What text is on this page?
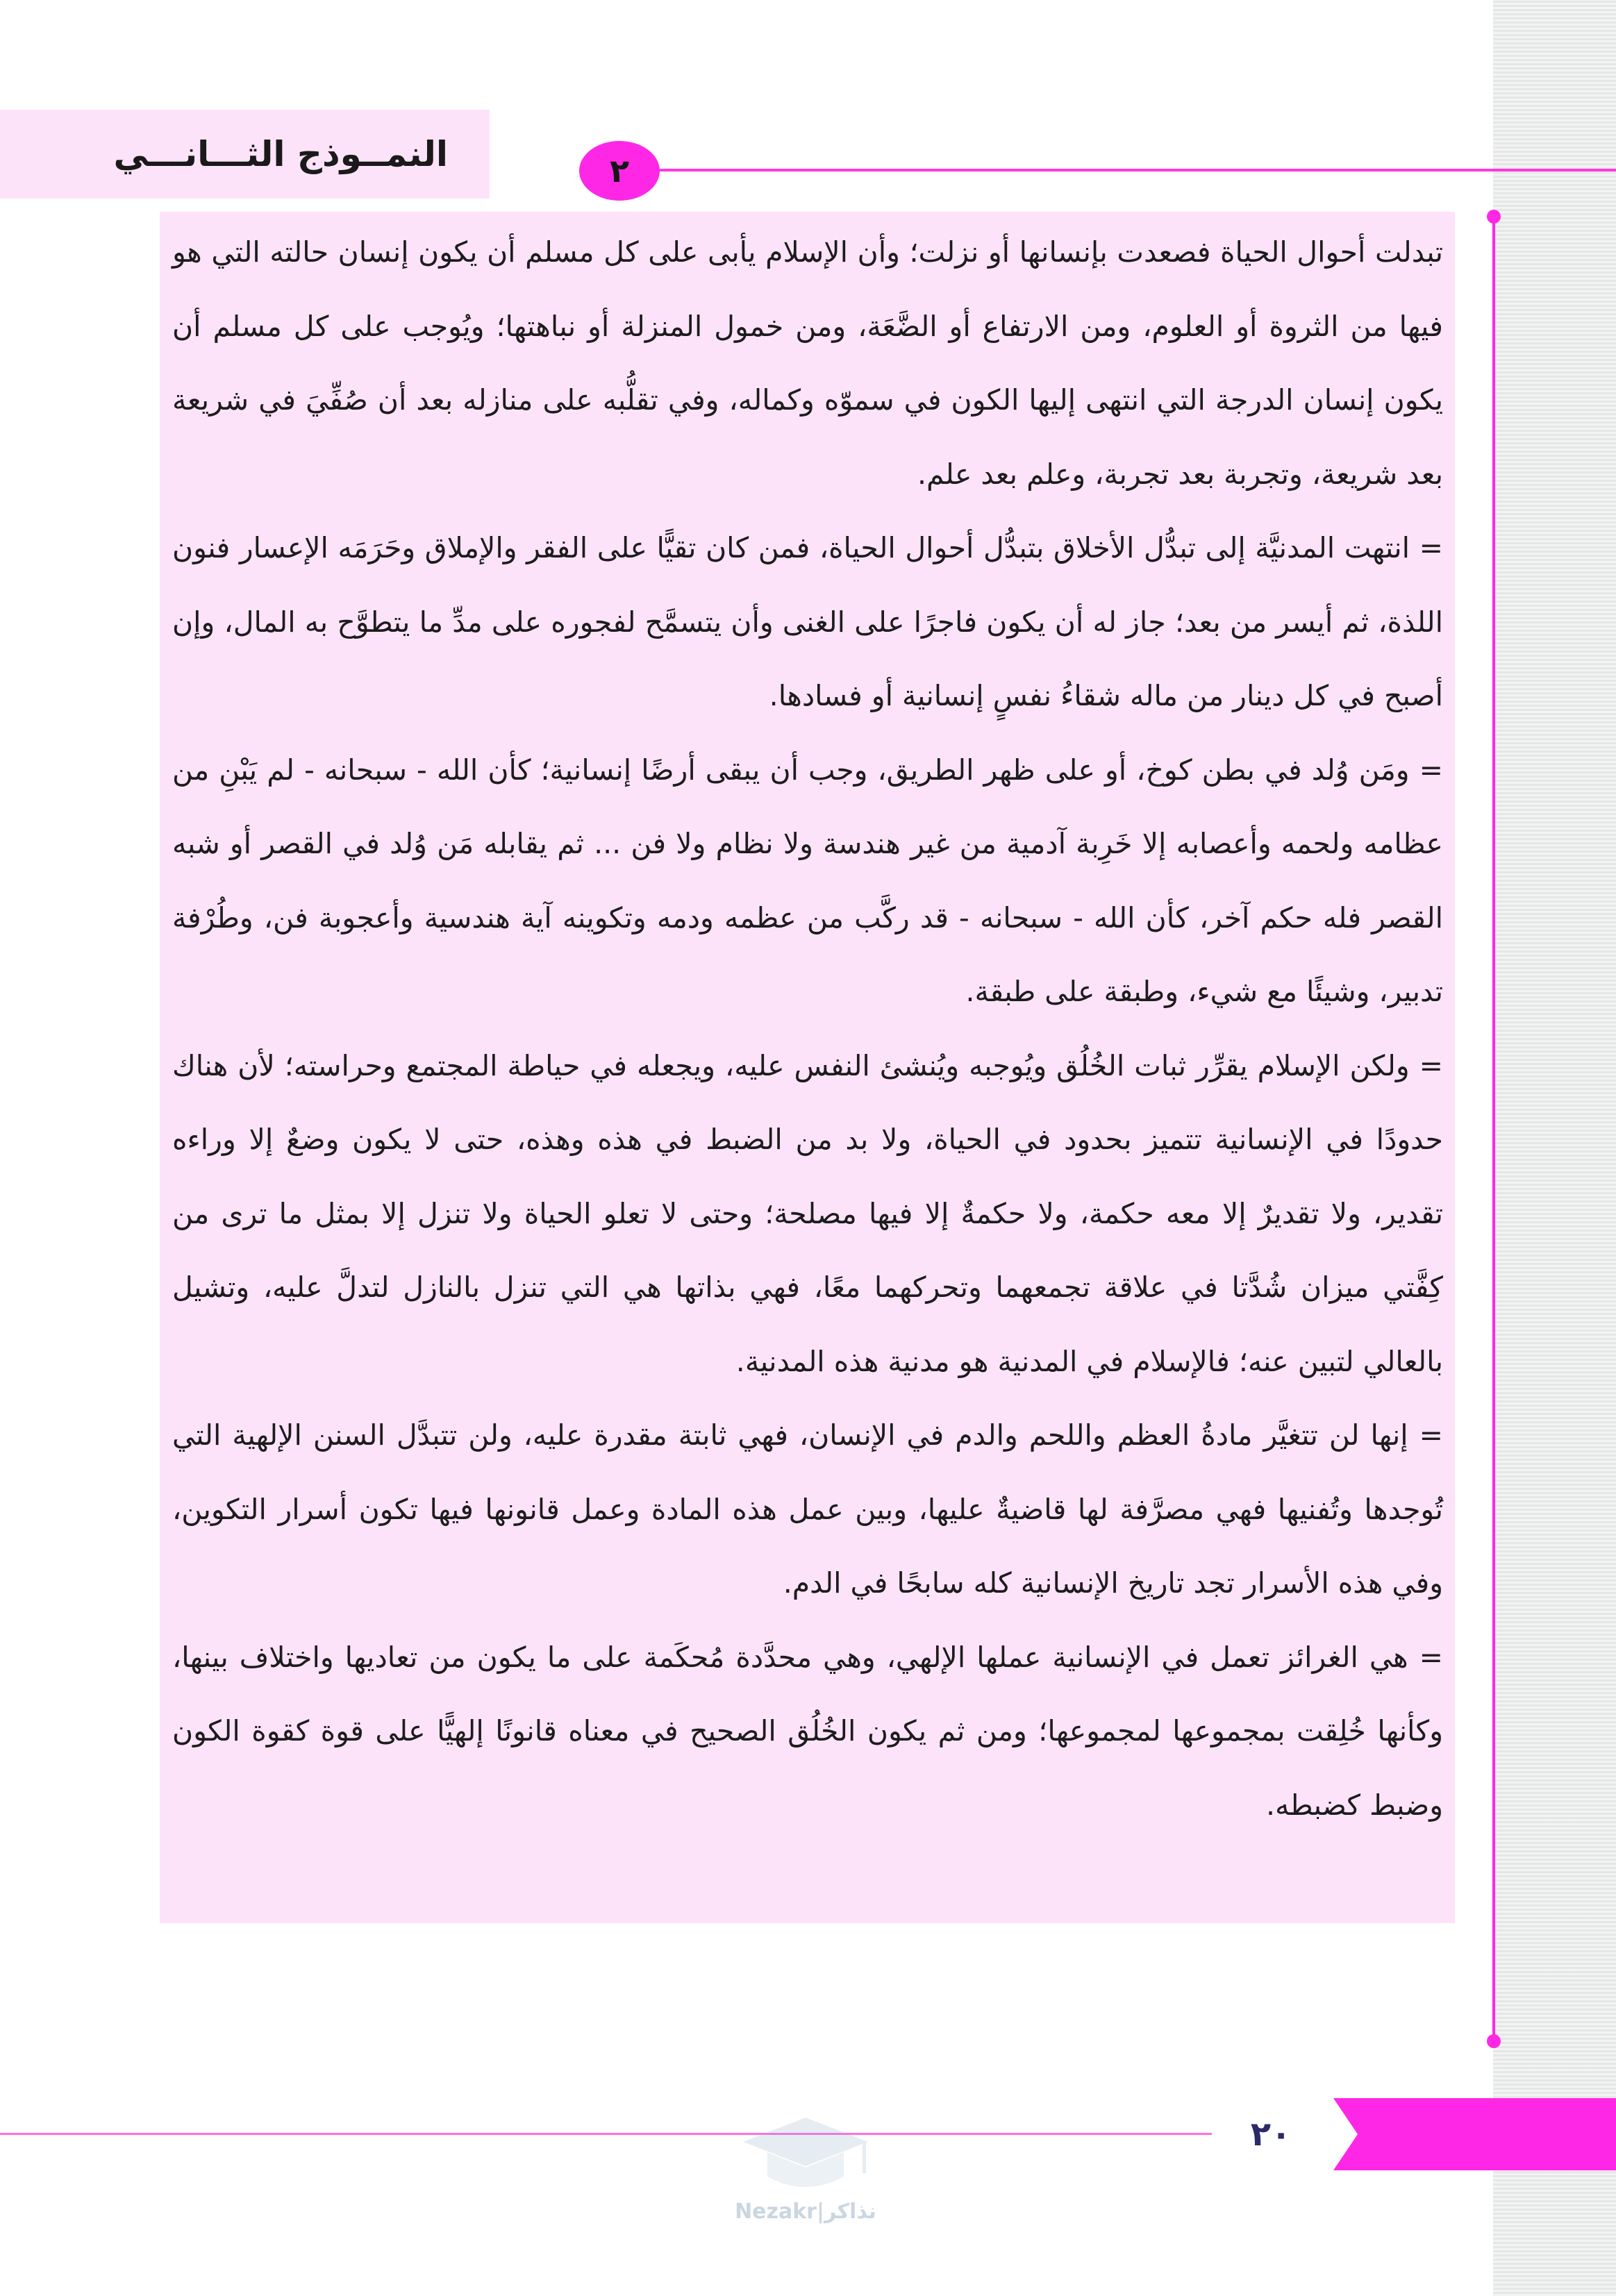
النمــوذج الثـــانـــي	٢

تبدلت أحوال الحياة فصعدت بإنسانها أو نزلت؛ وأن الإسلام يأبى على كل مسلم أن يكون إنسان حالته التي هو فيها من الثروة أو العلوم، ومن الارتفاع أو الضَّعَة، ومن خمول المنزلة أو نباهتها؛ ويُوجب على كل مسلم أن يكون إنسان الدرجة التي انتهى إليها الكون في سموّه وكماله، وفي تقلُّبه على منازله بعد أن صُفِّيَ في شريعة بعد شريعة، وتجربة بعد تجربة، وعلم بعد علم.

= انتهت المدنيَّة إلى تبدُّل الأخلاق بتبدُّل أحوال الحياة، فمن كان تقيًّا على الفقر والإملاق وحَرَمَه الإعسار فنون اللذة، ثم أيسر من بعد؛ جاز له أن يكون فاجرًا على الغنى وأن يتسمَّح لفجوره على مدِّ ما يتطوَّح به المال، وإن أصبح في كل دينار من ماله شقاءُ نفسٍ إنسانية أو فسادها.

= ومَن وُلد في بطن كوخ، أو على ظهر الطريق، وجب أن يبقى أرضًا إنسانية؛ كأن الله - سبحانه - لم يَبْنِ من عظامه ولحمه وأعصابه إلا خَرِبة آدمية من غير هندسة ولا نظام ولا فن ... ثم يقابله مَن وُلد في القصر أو شبه القصر فله حكم آخر، كأن الله - سبحانه - قد ركَّب من عظمه ودمه وتكوينه آية هندسية وأعجوبة فن، وطُرْفة تدبير، وشيئًا مع شيء، وطبقة على طبقة.

= ولكن الإسلام يقرِّر ثبات الخُلُق ويُوجبه ويُنشئ النفس عليه، ويجعله في حياطة المجتمع وحراسته؛ لأن هناك حدودًا في الإنسانية تتميز بحدود في الحياة، ولا بد من الضبط في هذه وهذه، حتى لا يكون وضعٌ إلا وراءه تقدير، ولا تقديرٌ إلا معه حكمة، ولا حكمةٌ إلا فيها مصلحة؛ وحتى لا تعلو الحياة ولا تنزل إلا بمثل ما ترى من كِفَّتي ميزان شُدَّتا في علاقة تجمعهما وتحركهما معًا، فهي بذاتها هي التي تنزل بالنازل لتدلَّ عليه، وتشيل بالعالي لتبين عنه؛ فالإسلام في المدنية هو مدنية هذه المدنية.

= إنها لن تتغيَّر مادةُ العظم واللحم والدم في الإنسان، فهي ثابتة مقدرة عليه، ولن تتبدَّل السنن الإلهية التي تُوجدها وتُفنيها فهي مصرَّفة لها قاضيةٌ عليها، وبين عمل هذه المادة وعمل قانونها فيها تكون أسرار التكوين، وفي هذه الأسرار تجد تاريخ الإنسانية كله سابحًا في الدم.

= هي الغرائز تعمل في الإنسانية عملها الإلهي، وهي محدَّدة مُحكَمة على ما يكون من تعاديها واختلاف بينها، وكأنها خُلِقت بمجموعها لمجموعها؛ ومن ثم يكون الخُلُق الصحيح في معناه قانونًا إلهيًّا على قوة كقوة الكون وضبط كضبطه.

٢٠
Nezakr|نذاكر
